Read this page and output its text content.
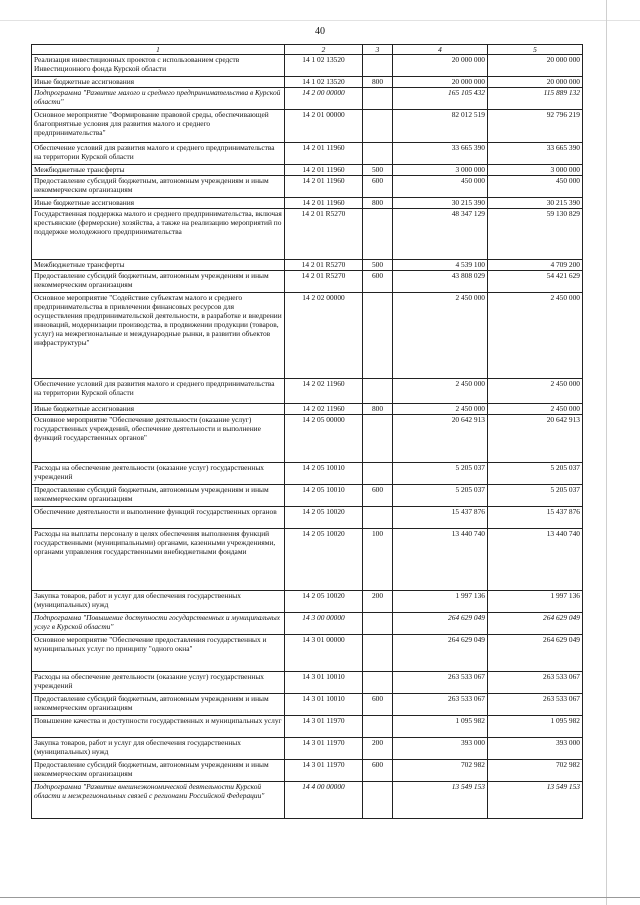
40
1	2	3	4	5
Реализация инвестиционных проектов с использованием средств Инвестиционного фонда Курской области	14 1 02 13520		20 000 000	20 000 000
Иные бюджетные ассигнования	14 1 02 13520	800	20 000 000	20 000 000
Подпрограмма "Развитие малого и среднего предпринимательства в Курской области"	14 2 00 00000		165 105 432	115 889 132
Основное мероприятие "Формирование правовой среды, обеспечивающей благоприятные условия для развития малого и среднего предпринимательства"	14 2 01 00000		82 012 519	92 796 219
Обеспечение условий для развития малого и среднего предпринимательства на территории Курской области	14 2 01 11960		33 665 390	33 665 390
Межбюджетные трансферты	14 2 01 11960	500	3 000 000	3 000 000
Предоставление субсидий бюджетным, автономным учреждениям и иным некоммерческим организациям	14 2 01 11960	600	450 000	450 000
Иные бюджетные ассигнования	14 2 01 11960	800	30 215 390	30 215 390
Государственная поддержка малого и среднего предпринимательства, включая крестьянские (фермерские) хозяйства, а также на реализацию мероприятий по поддержке молодежного предпринимательства	14 2 01 R5270		48 347 129	59 130 829
Межбюджетные трансферты	14 2 01 R5270	500	4 539 100	4 709 200
Предоставление субсидий бюджетным, автономным учреждениям и иным некоммерческим организациям	14 2 01 R5270	600	43 808 029	54 421 629
Основное мероприятие "Содействие субъектам малого и среднего предпринимательства в привлечении финансовых ресурсов для осуществления предпринимательской деятельности, в разработке и внедрении инноваций, модернизации производства, в продвижении продукции (товаров, услуг) на межрегиональные и международные рынки, в развитии объектов инфраструктуры"	14 2 02 00000		2 450 000	2 450 000
Обеспечение условий для развития малого и среднего предпринимательства на территории Курской области	14 2 02 11960		2 450 000	2 450 000
Иные бюджетные ассигнования	14 2 02 11960	800	2 450 000	2 450 000
Основное мероприятие "Обеспечение деятельности (оказание услуг) государственных учреждений, обеспечение деятельности и выполнение функций государственных органов"	14 2 05 00000		20 642 913	20 642 913
Расходы на обеспечение деятельности (оказание услуг) государственных учреждений	14 2 05 10010		5 205 037	5 205 037
Предоставление субсидий бюджетным, автономным учреждениям и иным некоммерческим организациям	14 2 05 10010	600	5 205 037	5 205 037
Обеспечение деятельности и выполнение функций государственных органов	14 2 05 10020		15 437 876	15 437 876
Расходы на выплаты персоналу в целях обеспечения выполнения функций государственными (муниципальными) органами, казенными учреждениями, органами управления государственными внебюджетными фондами	14 2 05 10020	100	13 440 740	13 440 740
Закупка товаров, работ и услуг для обеспечения государственных (муниципальных) нужд	14 2 05 10020	200	1 997 136	1 997 136
Подпрограмма "Повышение доступности государственных и муниципальных услуг в Курской области"	14 3 00 00000		264 629 049	264 629 049
Основное мероприятие "Обеспечение предоставления государственных и муниципальных услуг по принципу "одного окна"	14 3 01 00000		264 629 049	264 629 049
Расходы на обеспечение деятельности (оказание услуг) государственных учреждений	14 3 01 10010		263 533 067	263 533 067
Предоставление субсидий бюджетным, автономным учреждениям и иным некоммерческим организациям	14 3 01 10010	600	263 533 067	263 533 067
Повышение качества и доступности государственных и муниципальных услуг	14 3 01 11970		1 095 982	1 095 982
Закупка товаров, работ и услуг для обеспечения государственных (муниципальных) нужд	14 3 01 11970	200	393 000	393 000
Предоставление субсидий бюджетным, автономным учреждениям и иным некоммерческим организациям	14 3 01 11970	600	702 982	702 982
Подпрограмма "Развитие внешнеэкономической деятельности Курской области и межрегиональных связей с регионами Российской Федерации"	14 4 00 00000		13 549 153	13 549 153
